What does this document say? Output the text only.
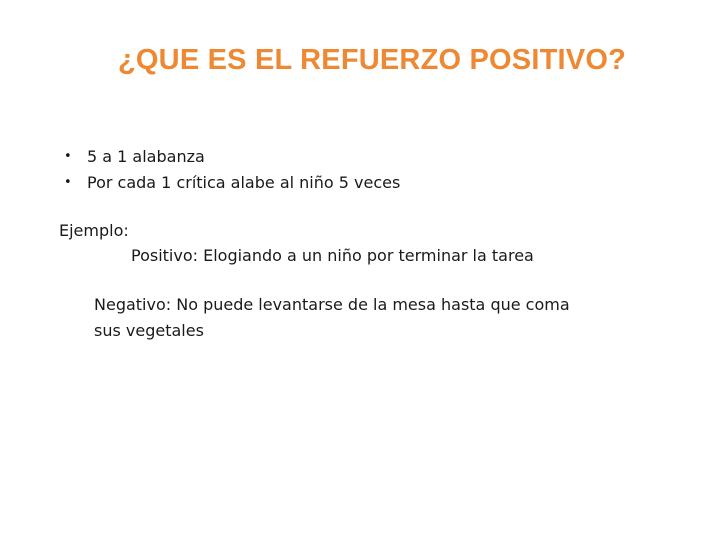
¿QUE ES EL REFUERZO POSITIVO?
• 5 a 1 alabanza
• Por cada 1 crítica alabe al niño 5 veces
Ejemplo:
Positivo: Elogiando a un niño por terminar la tarea
Negativo: No puede levantarse de la mesa hasta que coma
sus vegetales
